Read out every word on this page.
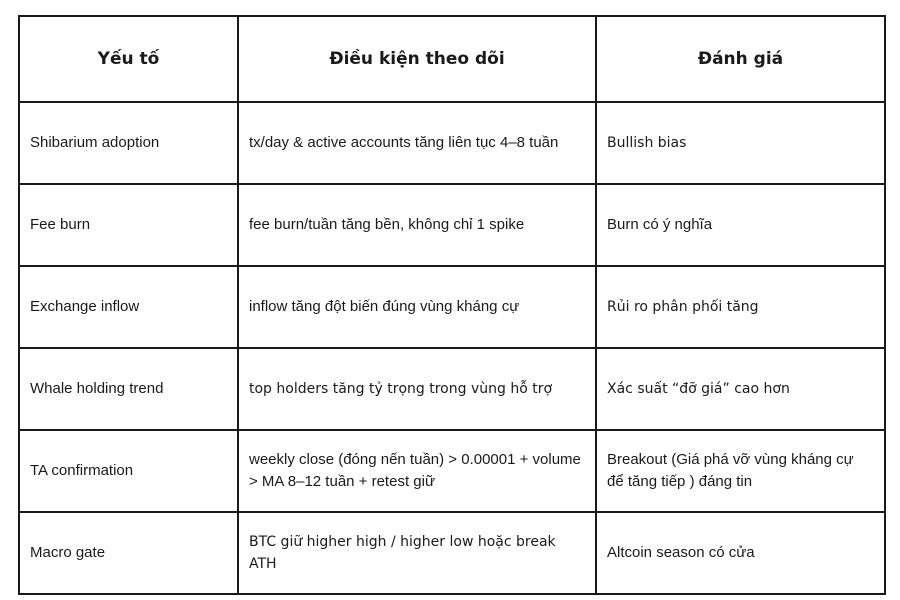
Yếu tố	Điều kiện theo dõi	Đánh giá
Shibarium adoption	tx/day & active accounts tăng liên tục 4–8 tuần	Bullish bias
Fee burn	fee burn/tuần tăng bền, không chỉ 1 spike	Burn có ý nghĩa
Exchange inflow	inflow tăng đột biến đúng vùng kháng cự	Rủi ro phân phối tăng
Whale holding trend	top holders tăng tỷ trọng trong vùng hỗ trợ	Xác suất “đỡ giá” cao hơn
TA confirmation	weekly close (đóng nến tuần) > 0.00001 + volume > MA 8–12 tuần + retest giữ	Breakout (Giá phá vỡ vùng kháng cự để tăng tiếp ) đáng tin
Macro gate	BTC giữ higher high / higher low hoặc break ATH	Altcoin season có cửa
